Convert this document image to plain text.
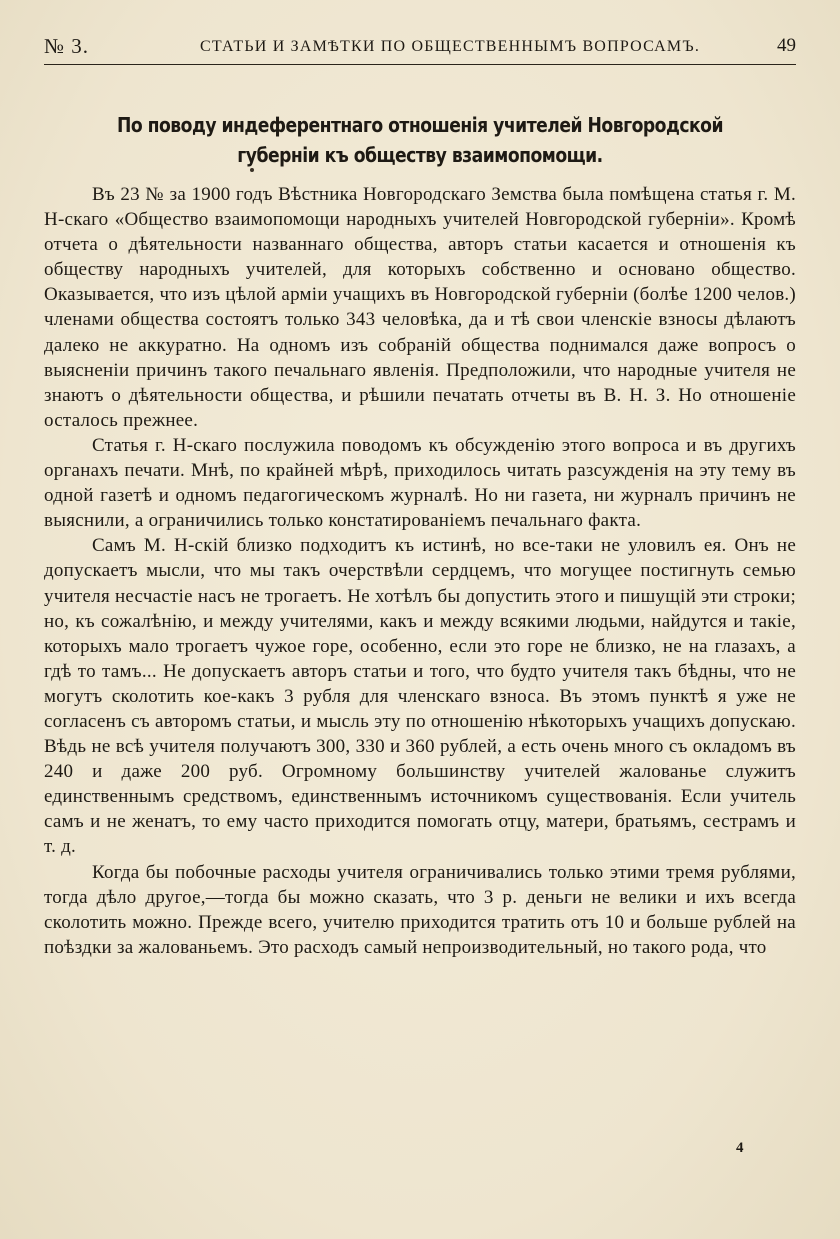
№ 3.	СТАТЬИ И ЗАМѢТКИ ПО ОБЩЕСТВЕННЫМЪ ВОПРОСАМЪ.	49
По поводу индеферентнаго отношенія учителей Новгородской губерніи къ обществу взаимопомощи.

Въ 23 № за 1900 годъ Вѣстника Новгородскаго Земства была помѣщена статья г. М. Н-скаго «Общество взаимопомощи народныхъ учителей Новгородской губерніи». Кромѣ отчета о дѣятельности названнаго общества, авторъ статьи касается и отношенія къ обществу народныхъ учителей, для которыхъ собственно и основано общество. Оказывается, что изъ цѣлой арміи учащихъ въ Новгородской губерніи (болѣе 1200 челов.) членами общества состоятъ только 343 человѣка, да и тѣ свои членскіе взносы дѣлаютъ далеко не аккуратно. На одномъ изъ собраній общества поднимался даже вопросъ о выясненіи причинъ такого печальнаго явленія. Предположили, что народные учителя не знаютъ о дѣятельности общества, и рѣшили печатать отчеты въ В. Н. З. Но отношеніе осталось прежнее.

Статья г. Н-скаго послужила поводомъ къ обсужденію этого вопроса и въ другихъ органахъ печати. Мнѣ, по крайней мѣрѣ, приходилось читать разсужденія на эту тему въ одной газетѣ и одномъ педагогическомъ журналѣ. Но ни газета, ни журналъ причинъ не выяснили, а ограничились только констатированіемъ печальнаго факта.

Самъ М. Н-скій близко подходитъ къ истинѣ, но все-таки не уловилъ ея. Онъ не допускаетъ мысли, что мы такъ очерствѣли сердцемъ, что могущее постигнуть семью учителя несчастіе насъ не трогаетъ. Не хотѣлъ бы допустить этого и пишущій эти строки; но, къ сожалѣнію, и между учителями, какъ и между всякими людьми, найдутся и такіе, которыхъ мало трогаетъ чужое горе, особенно, если это горе не близко, не на глазахъ, а гдѣ то тамъ... Не допускаетъ авторъ статьи и того, что будто учителя такъ бѣдны, что не могутъ сколотить кое-какъ 3 рубля для членскаго взноса. Въ этомъ пунктѣ я уже не согласенъ съ авторомъ статьи, и мысль эту по отношенію нѣкоторыхъ учащихъ допускаю. Вѣдь не всѣ учителя получаютъ 300, 330 и 360 рублей, а есть очень много съ окладомъ въ 240 и даже 200 руб. Огромному большинству учителей жалованье служитъ единственнымъ средствомъ, единственнымъ источникомъ существованія. Если учитель самъ и не женатъ, то ему часто приходится помогать отцу, матери, братьямъ, сестрамъ и т. д.

Когда бы побочные расходы учителя ограничивались только этими тремя рублями, тогда дѣло другое,—тогда бы можно сказать, что 3 р. деньги не велики и ихъ всегда сколотить можно. Прежде всего, учителю приходится тратить отъ 10 и больше рублей на поѣздки за жалованьемъ. Это расходъ самый непроизводительный, но такого рода, что

4
